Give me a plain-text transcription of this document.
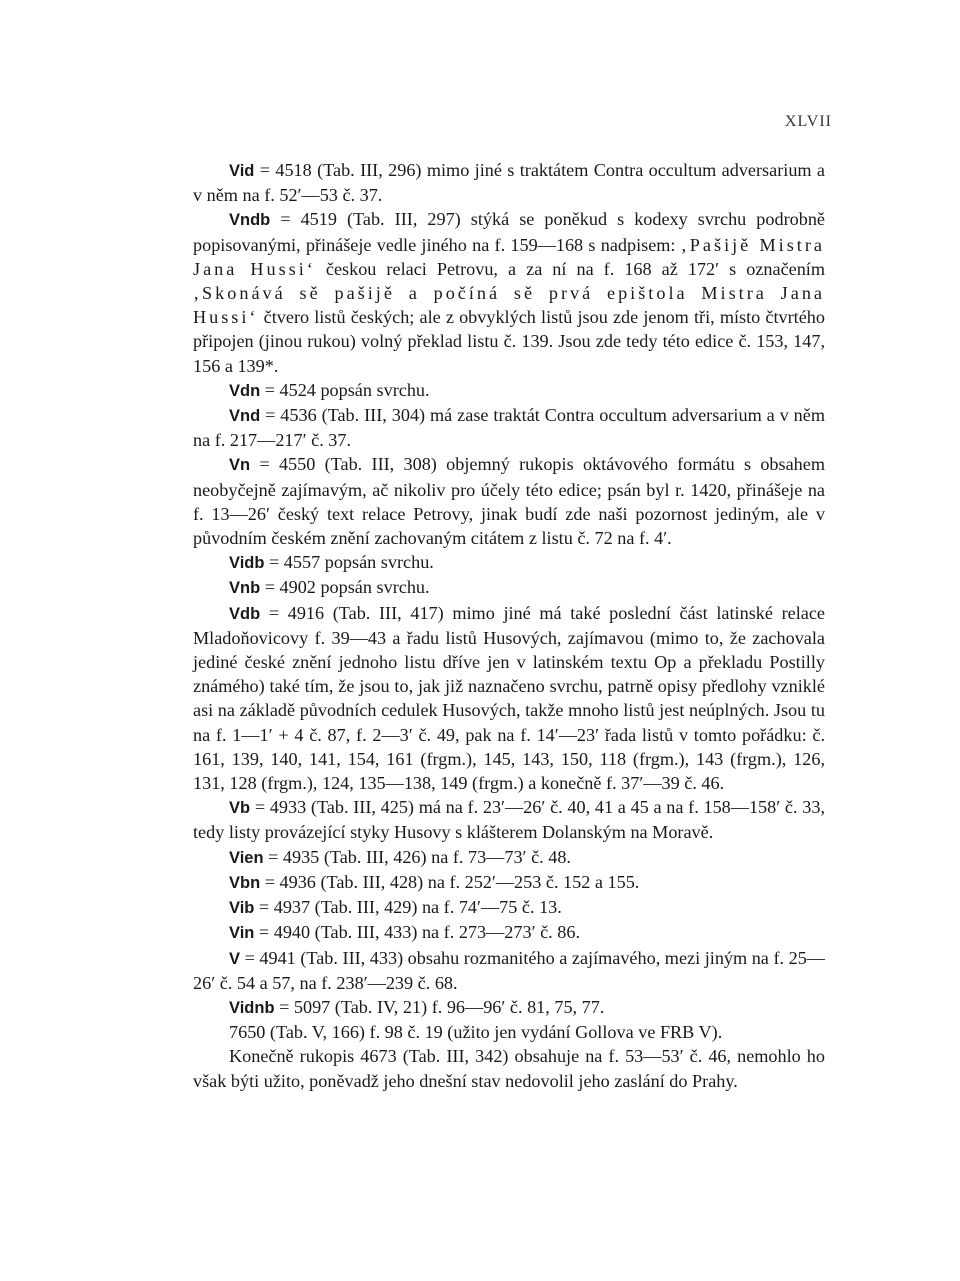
XLVII

Vid = 4518 (Tab. III, 296) mimo jiné s traktátem Contra occultum adversarium a v něm na f. 52′—53 č. 37.

Vndb = 4519 (Tab. III, 297) stýká se poněkud s kodexy svrchu podrobně popisovanými, přinášeje vedle jiného na f. 159—168 s nadpisem: ‚Pašijě Mistra Jana Hussi‘ českou relaci Petrovu, a za ní na f. 168 až 172′ s označením ‚Skonává sě pašijě a počíná sě prvá epištola Mistra Jana Hussi‘ čtvero listů českých; ale z obvyklých listů jsou zde jenom tři, místo čtvrtého připojen (jinou rukou) volný překlad listu č. 139. Jsou zde tedy této edice č. 153, 147, 156 a 139*.

Vdn = 4524 popsán svrchu.

Vnd = 4536 (Tab. III, 304) má zase traktát Contra occultum adversarium a v něm na f. 217—217′ č. 37.

Vn = 4550 (Tab. III, 308) objemný rukopis oktávového formátu s obsahem neobyčejně zajímavým, ač nikoliv pro účely této edice; psán byl r. 1420, přinášeje na f. 13—26′ český text relace Petrovy, jinak budí zde naši pozornost jediným, ale v původním českém znění zachovaným citátem z listu č. 72 na f. 4′.

Vidb = 4557 popsán svrchu.

Vnb = 4902 popsán svrchu.

Vdb = 4916 (Tab. III, 417) mimo jiné má také poslední část latinské relace Mladoňovicovy f. 39—43 a řadu listů Husových, zajímavou (mimo to, že zachovala jediné české znění jednoho listu dříve jen v latinském textu Op a překladu Postilly známého) také tím, že jsou to, jak již naznačeno svrchu, patrně opisy předlohy vzniklé asi na základě původních cedulek Husových, takže mnoho listů jest neúplných. Jsou tu na f. 1—1′ + 4 č. 87, f. 2—3′ č. 49, pak na f. 14′—23′ řada listů v tomto pořádku: č. 161, 139, 140, 141, 154, 161 (frgm.), 145, 143, 150, 118 (frgm.), 143 (frgm.), 126, 131, 128 (frgm.), 124, 135—138, 149 (frgm.) a konečně f. 37′—39 č. 46.

Vb = 4933 (Tab. III, 425) má na f. 23′—26′ č. 40, 41 a 45 a na f. 158—158′ č. 33, tedy listy provázející styky Husovy s klášterem Dolanským na Moravě.

Vien = 4935 (Tab. III, 426) na f. 73—73′ č. 48.

Vbn = 4936 (Tab. III, 428) na f. 252′—253 č. 152 a 155.

Vib = 4937 (Tab. III, 429) na f. 74′—75 č. 13.

Vin = 4940 (Tab. III, 433) na f. 273—273′ č. 86.

V = 4941 (Tab. III, 433) obsahu rozmanitého a zajímavého, mezi jiným na f. 25—26′ č. 54 a 57, na f. 238′—239 č. 68.

Vidnb = 5097 (Tab. IV, 21) f. 96—96′ č. 81, 75, 77.

7650 (Tab. V, 166) f. 98 č. 19 (užito jen vydání Gollova ve FRB V).

Konečně rukopis 4673 (Tab. III, 342) obsahuje na f. 53—53′ č. 46, nemohlo ho však býti užito, poněvadž jeho dnešní stav nedovolil jeho zaslání do Prahy.
